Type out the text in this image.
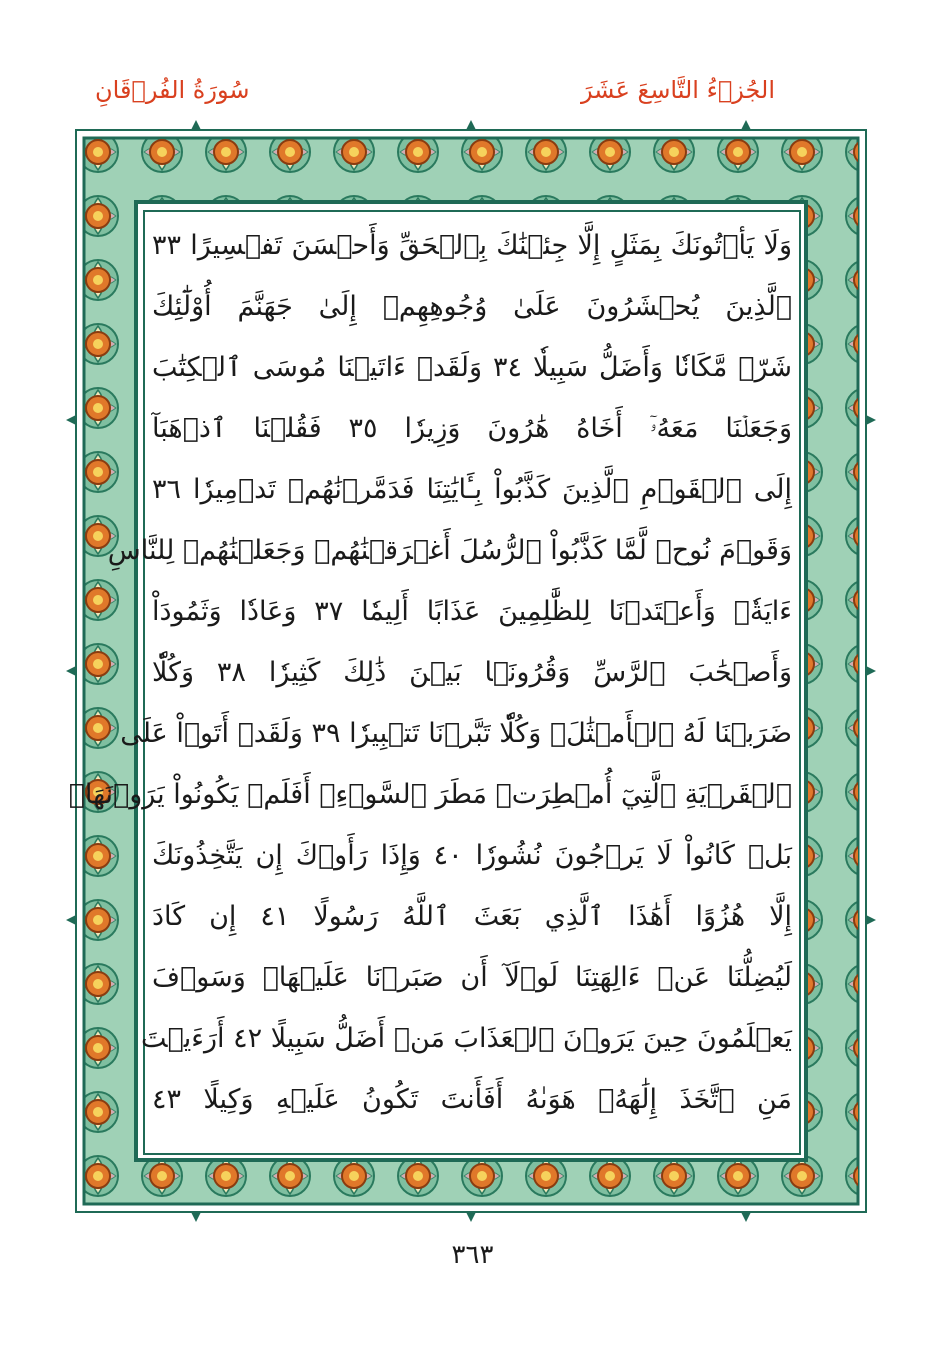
الجُزۡءُ التَّاسِعَ عَشَرَ
سُورَةُ الفُرۡقَانِ
وَلَا يَأۡتُونَكَ بِمَثَلٍ إِلَّا جِئۡنَٰكَ بِٱلۡحَقِّ وَأَحۡسَنَ تَفۡسِيرًا ٣٣
ٱلَّذِينَ يُحۡشَرُونَ عَلَىٰ وُجُوهِهِمۡ إِلَىٰ جَهَنَّمَ أُوْلَٰٓئِكَ
شَرّٞ مَّكَانٗا وَأَضَلُّ سَبِيلٗا ٣٤ وَلَقَدۡ ءَاتَيۡنَا مُوسَى ٱلۡكِتَٰبَ
وَجَعَلۡنَا مَعَهُۥٓ أَخَاهُ هَٰرُونَ وَزِيرٗا ٣٥ فَقُلۡنَا ٱذۡهَبَآ
إِلَى ٱلۡقَوۡمِ ٱلَّذِينَ كَذَّبُواْ بِـَٔايَٰتِنَا فَدَمَّرۡنَٰهُمۡ تَدۡمِيرٗا ٣٦
وَقَوۡمَ نُوحٖ لَّمَّا كَذَّبُواْ ٱلرُّسُلَ أَغۡرَقۡنَٰهُمۡ وَجَعَلۡنَٰهُمۡ لِلنَّاسِ
ءَايَةٗۖ وَأَعۡتَدۡنَا لِلظَّٰلِمِينَ عَذَابًا أَلِيمٗا ٣٧ وَعَادٗا وَثَمُودَاْ
وَأَصۡحَٰبَ ٱلرَّسِّ وَقُرُونَۢا بَيۡنَ ذَٰلِكَ كَثِيرٗا ٣٨ وَكُلّٗا
ضَرَبۡنَا لَهُ ٱلۡأَمۡثَٰلَۖ وَكُلّٗا تَبَّرۡنَا تَتۡبِيرٗا ٣٩ وَلَقَدۡ أَتَوۡاْ عَلَى
ٱلۡقَرۡيَةِ ٱلَّتِيٓ أُمۡطِرَتۡ مَطَرَ ٱلسَّوۡءِۚ أَفَلَمۡ يَكُونُواْ يَرَوۡنَهَاۚ
بَلۡ كَانُواْ لَا يَرۡجُونَ نُشُورٗا ٤٠ وَإِذَا رَأَوۡكَ إِن يَتَّخِذُونَكَ
إِلَّا هُزُوًا أَهَٰذَا ٱلَّذِي بَعَثَ ٱللَّهُ رَسُولًا ٤١ إِن كَادَ
لَيُضِلُّنَا عَنۡ ءَالِهَتِنَا لَوۡلَآ أَن صَبَرۡنَا عَلَيۡهَاۚ وَسَوۡفَ
يَعۡلَمُونَ حِينَ يَرَوۡنَ ٱلۡعَذَابَ مَنۡ أَضَلُّ سَبِيلًا ٤٢ أَرَءَيۡتَ
مَنِ ٱتَّخَذَ إِلَٰهَهُۥ هَوَىٰهُ أَفَأَنتَ تَكُونُ عَلَيۡهِ وَكِيلًا ٤٣
٣٦٣
